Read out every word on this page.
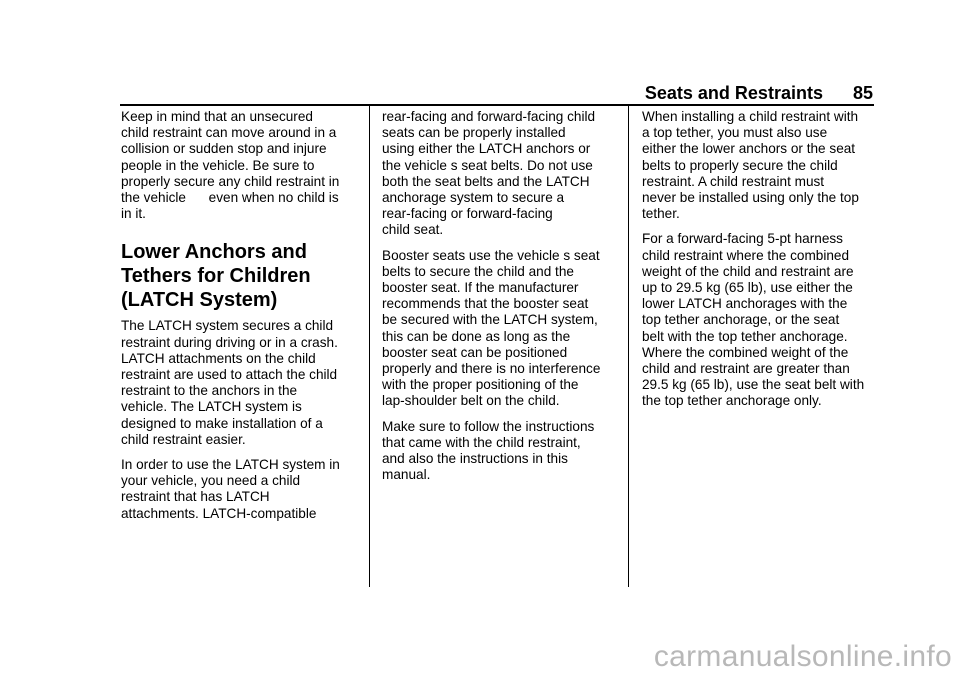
Seats and Restraints 85

Keep in mind that an unsecured
child restraint can move around in a
collision or sudden stop and injure
people in the vehicle. Be sure to
properly secure any child restraint in
the vehicle      even when no child is
in it.

Lower Anchors and
Tethers for Children
(LATCH System)

The LATCH system secures a child
restraint during driving or in a crash.
LATCH attachments on the child
restraint are used to attach the child
restraint to the anchors in the
vehicle. The LATCH system is
designed to make installation of a
child restraint easier.

In order to use the LATCH system in
your vehicle, you need a child
restraint that has LATCH
attachments. LATCH-compatible

rear-facing and forward-facing child
seats can be properly installed
using either the LATCH anchors or
the vehicle s seat belts. Do not use
both the seat belts and the LATCH
anchorage system to secure a
rear-facing or forward-facing
child seat.

Booster seats use the vehicle s seat
belts to secure the child and the
booster seat. If the manufacturer
recommends that the booster seat
be secured with the LATCH system,
this can be done as long as the
booster seat can be positioned
properly and there is no interference
with the proper positioning of the
lap-shoulder belt on the child.

Make sure to follow the instructions
that came with the child restraint,
and also the instructions in this
manual.

When installing a child restraint with
a top tether, you must also use
either the lower anchors or the seat
belts to properly secure the child
restraint. A child restraint must
never be installed using only the top
tether.

For a forward-facing 5-pt harness
child restraint where the combined
weight of the child and restraint are
up to 29.5 kg (65 lb), use either the
lower LATCH anchorages with the
top tether anchorage, or the seat
belt with the top tether anchorage.
Where the combined weight of the
child and restraint are greater than
29.5 kg (65 lb), use the seat belt with
the top tether anchorage only.

carmanualsonline.info
